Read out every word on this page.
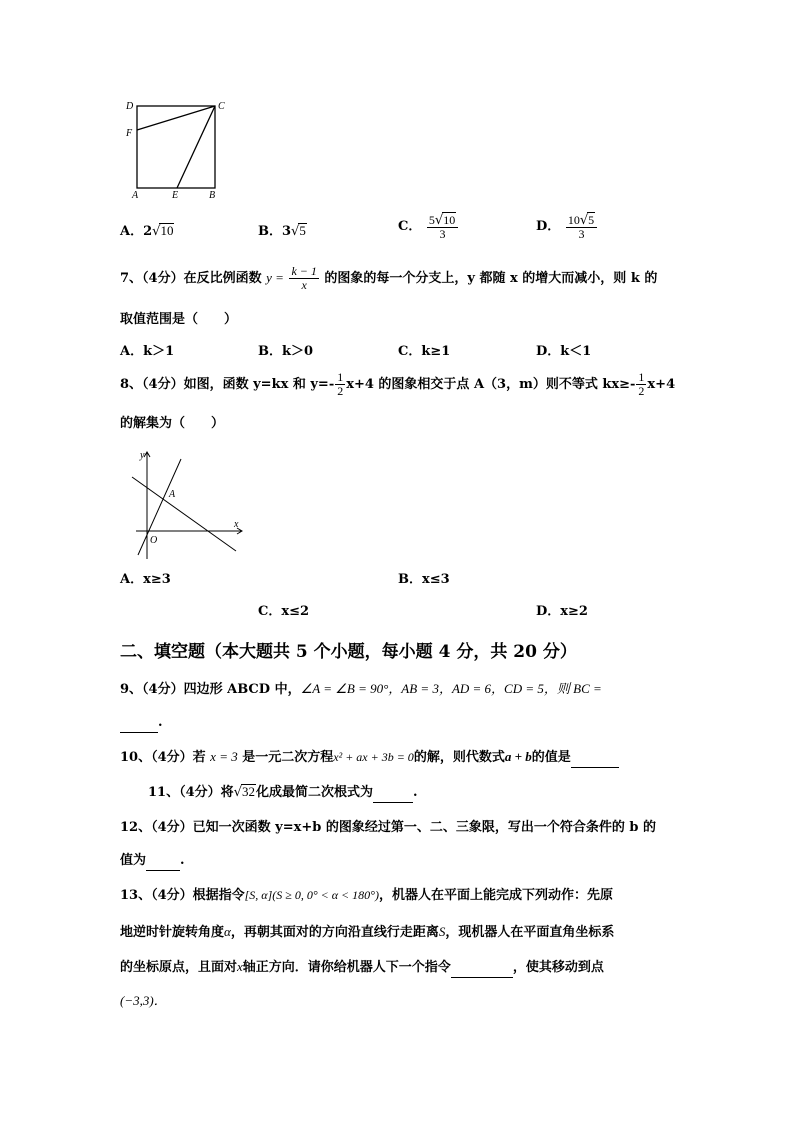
D	C
F
A	E	B
A．2√10	B．3√5	C． $\frac{5√10}{3}$	D． $\frac{10√5}{3}$
7、（4分）在反比例函数 $y = \frac{k - 1}{x}$ 的图象的每一个分支上，y 都随 x 的增大而减小，则 k 的
取值范围是（　　）
A．k＞1	B．k＞0	C．k≥1	D．k＜1
8、（4分）如图，函数 y=kx 和 $y=- \frac{1}{2} x+4$ 的图象相交于点 A（3，m）则不等式 $kx\ge- \frac{1}{2} x+4$
的解集为（　　）
y
x
A
O
A．x≥3	B．x≤3
C．x≤2	D．x≥2
二、填空题（本大题共 5 个小题，每小题 4 分，共 20 分）
9、（4分）四边形 ABCD 中，∠A = ∠B = 90°，AB = 3，AD = 6，CD = 5，则 BC =
.
10、（4分）若 x = 3 是一元二次方程x² + ax + 3b = 0的解，则代数式a + b的值是
11、（4分）将√32化成最简二次根式为	.
12、（4分）已知一次函数 y=x+b 的图象经过第一、二、三象限，写出一个符合条件的 b 的
值为	.
13、（4分）根据指令[S, α](S ≥ 0, 0° < α < 180°)，机器人在平面上能完成下列动作：先原
地逆时针旋转角度α，再朝其面对的方向沿直线行走距离S，现机器人在平面直角坐标系
的坐标原点，且面对x轴正方向．请你给机器人下一个指令	，使其移动到点
(−3,3)．
